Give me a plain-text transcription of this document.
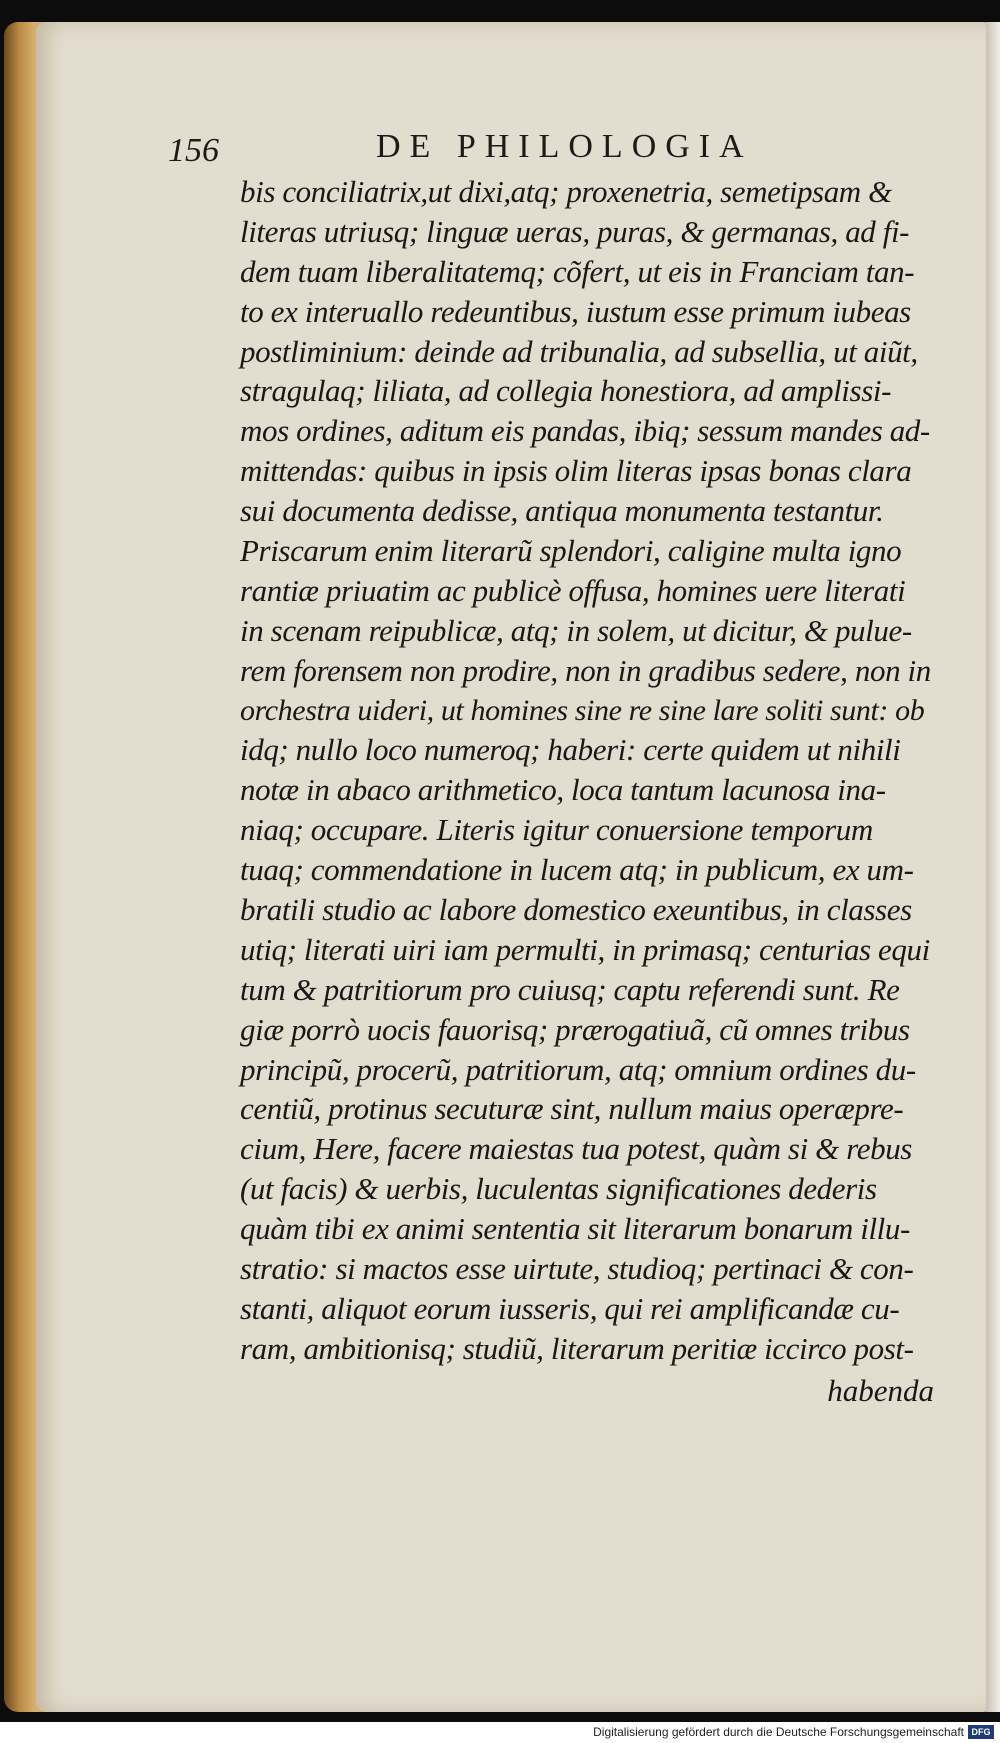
156	DE PHILOLOGIA
bis conciliatrix,ut dixi,atq; proxenetria, semetipsam &
literas utriusq; linguæ ueras, puras, & germanas, ad fi-
dem tuam liberalitatemq; cõfert, ut eis in Franciam tan-
to ex interuallo redeuntibus, iustum esse primum iubeas
postliminium: deinde ad tribunalia, ad subsellia, ut aiũt,
stragulaq; liliata, ad collegia honestiora, ad amplissi-
mos ordines, aditum eis pandas, ibiq; sessum mandes ad-
mittendas: quibus in ipsis olim literas ipsas bonas clara
sui documenta dedisse, antiqua monumenta testantur.
Priscarum enim literarũ splendori, caligine multa igno
rantiæ priuatim ac publicè offusa, homines uere literati
in scenam reipublicæ, atq; in solem, ut dicitur, & pulue-
rem forensem non prodire, non in gradibus sedere, non in
orchestra uideri, ut homines sine re sine lare soliti sunt: ob
idq; nullo loco numeroq; haberi: certe quidem ut nihili
notæ in abaco arithmetico, loca tantum lacunosa ina-
niaq; occupare. Literis igitur conuersione temporum
tuaq; commendatione in lucem atq; in publicum, ex um-
bratili studio ac labore domestico exeuntibus, in classes
utiq; literati uiri iam permulti, in primasq; centurias equi
tum & patritiorum pro cuiusq; captu referendi sunt. Re
giæ porrò uocis fauorisq; prærogatiuã, cũ omnes tribus
principũ, procerũ, patritiorum, atq; omnium ordines du-
centiũ, protinus secuturæ sint, nullum maius operæpre-
cium, Here, facere maiestas tua potest, quàm si & rebus
(ut facis) & uerbis, luculentas significationes dederis
quàm tibi ex animi sententia sit literarum bonarum illu-
stratio: si mactos esse uirtute, studioq; pertinaci & con-
stanti, aliquot eorum iusseris, qui rei amplificandæ cu-
ram, ambitionisq; studiũ, literarum peritiæ iccirco post-
habenda
Digitalisierung gefördert durch die Deutsche Forschungsgemeinschaft DFG
